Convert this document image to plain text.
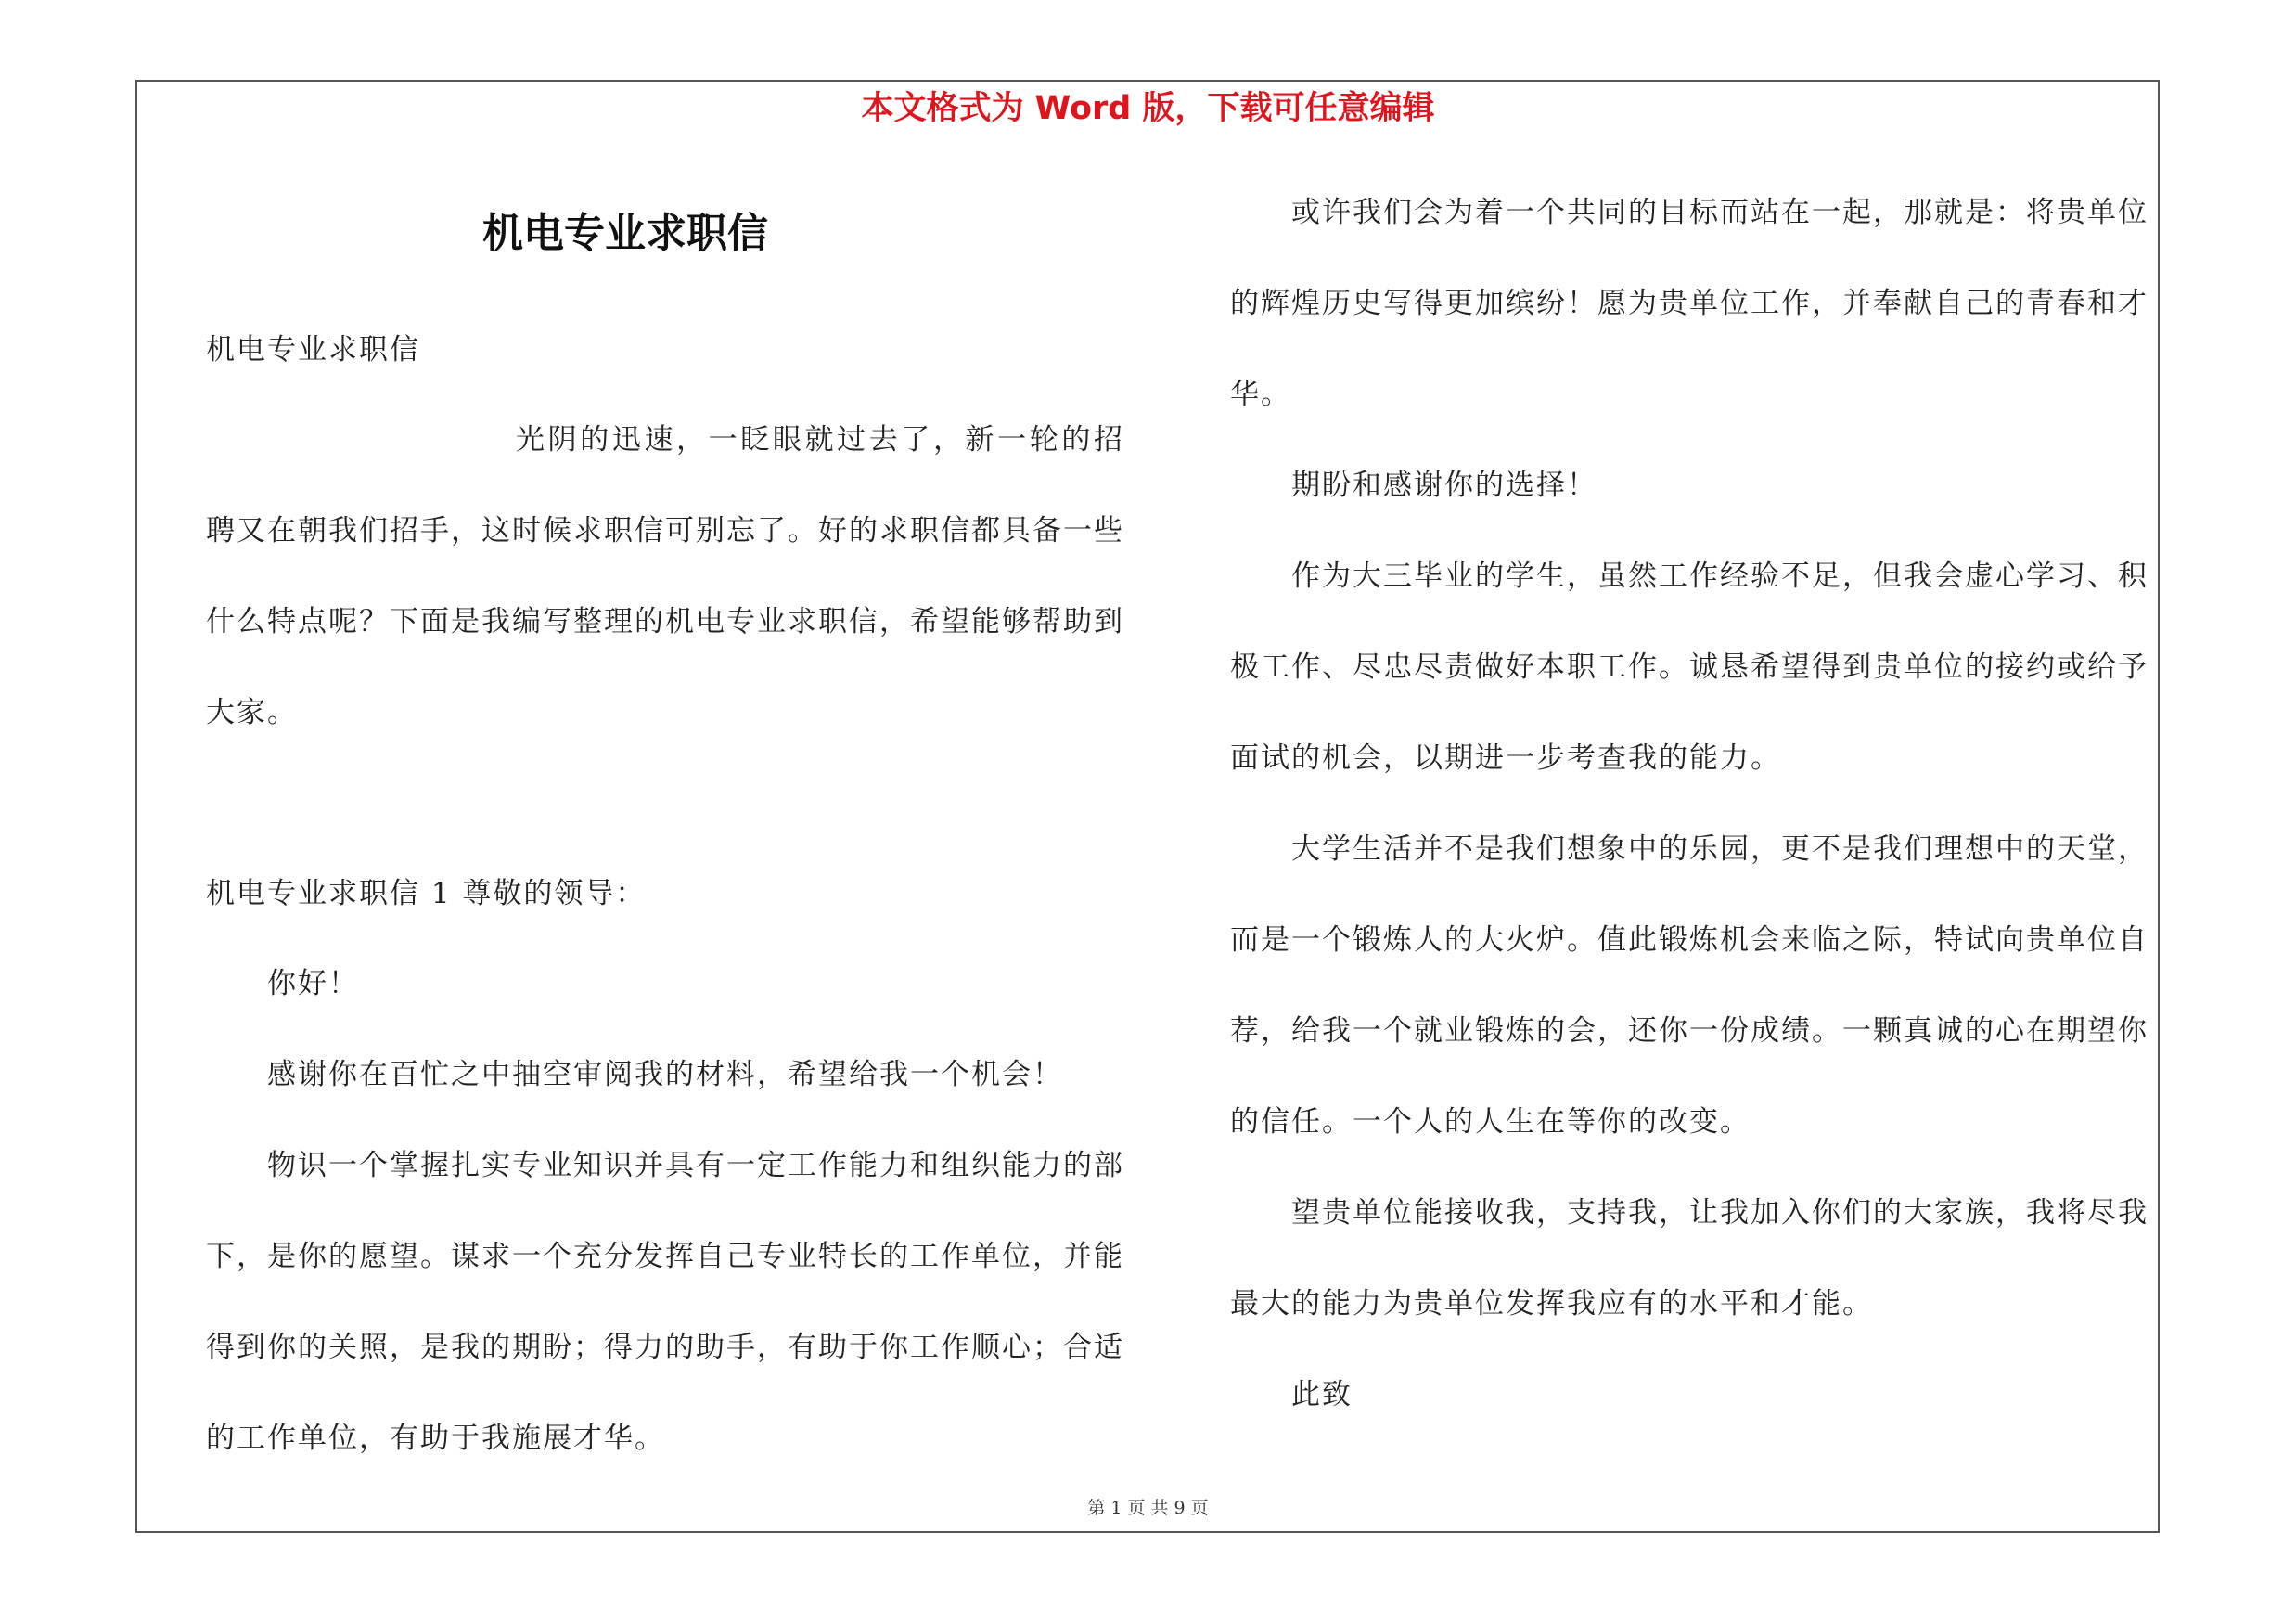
本文格式为 Word 版，下载可任意编辑
机电专业求职信

机电专业求职信

光阴的迅速，一眨眼就过去了，新一轮的招聘又在朝我们招手，这时候求职信可别忘了。好的求职信都具备一些什么特点呢？下面是我编写整理的机电专业求职信，希望能够帮助到大家。

机电专业求职信 1 尊敬的领导：

你好！

感谢你在百忙之中抽空审阅我的材料，希望给我一个机会！

物识一个掌握扎实专业知识并具有一定工作能力和组织能力的部下，是你的愿望。谋求一个充分发挥自己专业特长的工作单位，并能得到你的关照，是我的期盼；得力的助手，有助于你工作顺心；合适的工作单位，有助于我施展才华。

或许我们会为着一个共同的目标而站在一起，那就是：将贵单位的辉煌历史写得更加缤纷！愿为贵单位工作，并奉献自己的青春和才华。

期盼和感谢你的选择！

作为大三毕业的学生，虽然工作经验不足，但我会虚心学习、积极工作、尽忠尽责做好本职工作。诚恳希望得到贵单位的接约或给予面试的机会，以期进一步考查我的能力。

大学生活并不是我们想象中的乐园，更不是我们理想中的天堂，而是一个锻炼人的大火炉。值此锻炼机会来临之际，特试向贵单位自荐，给我一个就业锻炼的会，还你一份成绩。一颗真诚的心在期望你的信任。一个人的人生在等你的改变。

望贵单位能接收我，支持我，让我加入你们的大家族，我将尽我最大的能力为贵单位发挥我应有的水平和才能。

此致

第 1 页 共 9 页
